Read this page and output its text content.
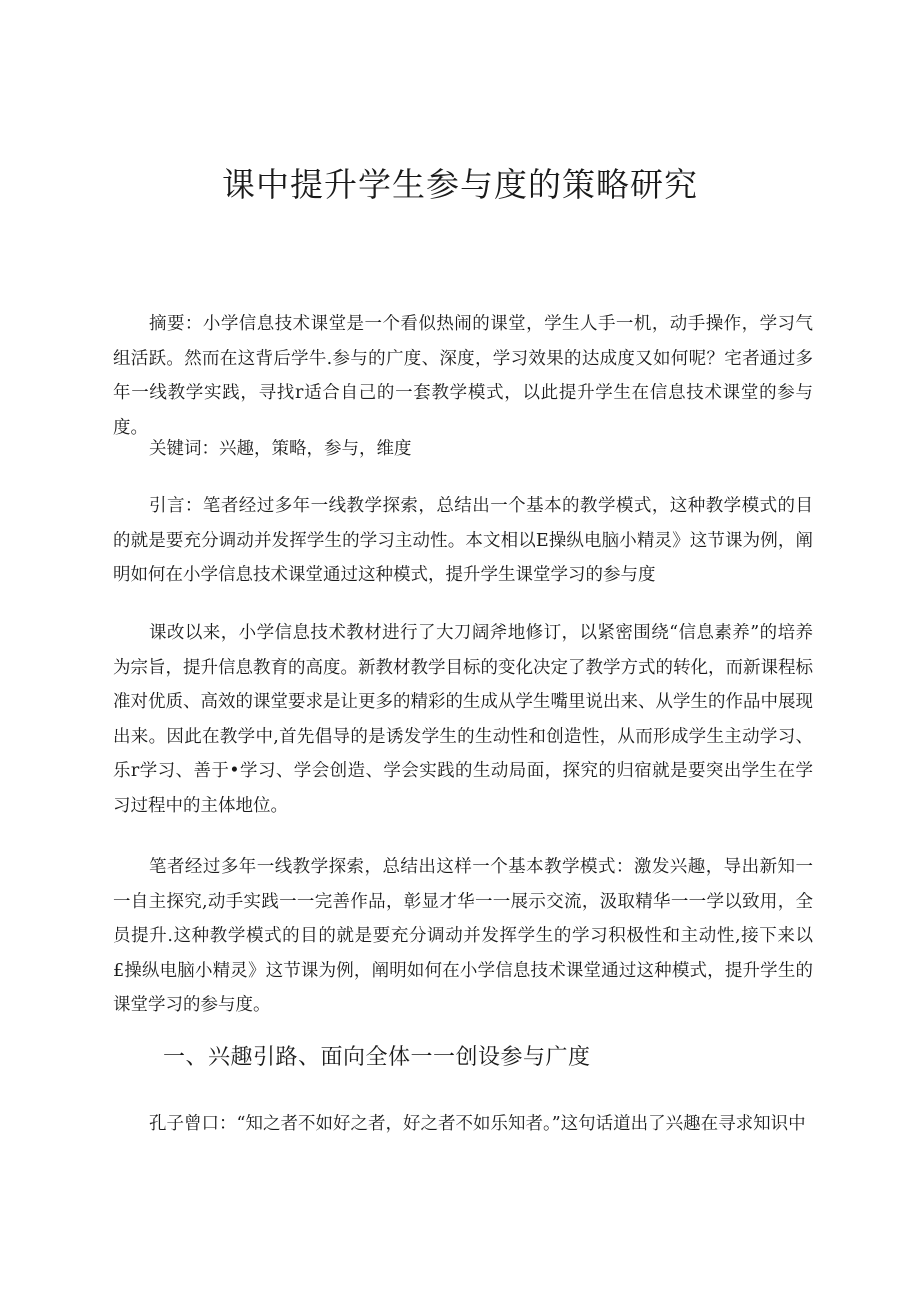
课中提升学生参与度的策略研究

摘要：小学信息技术课堂是一个看似热闹的课堂，学生人手一机，动手操作，学习气组活跃。然而在这背后学牛.参与的广度、深度，学习效果的达成度又如何呢？宅者通过多年一线教学实践，寻找r适合自己的一套教学模式，以此提升学生在信息技术课堂的参与度。

关键词：兴趣，策略，参与，维度

引言：笔者经过多年一线教学探索，总结出一个基本的教学模式，这种教学模式的目的就是要充分调动并发挥学生的学习主动性。本文相以E操纵电脑小精灵》这节课为例，阐明如何在小学信息技术课堂通过这种模式，提升学生课堂学习的参与度

课改以来，小学信息技术教材进行了大刀阔斧地修订，以紧密围绕“信息素养”的培养为宗旨，提升信息教育的高度。新教材教学目标的变化决定了教学方式的转化，而新课程标准对优质、高效的课堂要求是让更多的精彩的生成从学生嘴里说出来、从学生的作品中展现出来。因此在教学中,首先倡导的是诱发学生的生动性和创造性，从而形成学生主动学习、乐r学习、善于•学习、学会创造、学会实践的生动局面，探究的归宿就是要突出学生在学习过程中的主体地位。

笔者经过多年一线教学探索，总结出这样一个基本教学模式：激发兴趣，导出新知一一自主探究,动手实践一一完善作品，彰显才华一一展示交流，汲取精华一一学以致用，全员提升.这种教学模式的目的就是要充分调动并发挥学生的学习积极性和主动性,接下来以£操纵电脑小精灵》这节课为例，阐明如何在小学信息技术课堂通过这种模式，提升学生的课堂学习的参与度。

一、兴趣引路、面向全体一一创设参与广度

孔子曾口：“知之者不如好之者，好之者不如乐知者。”这句话道出了兴趣在寻求知识中
